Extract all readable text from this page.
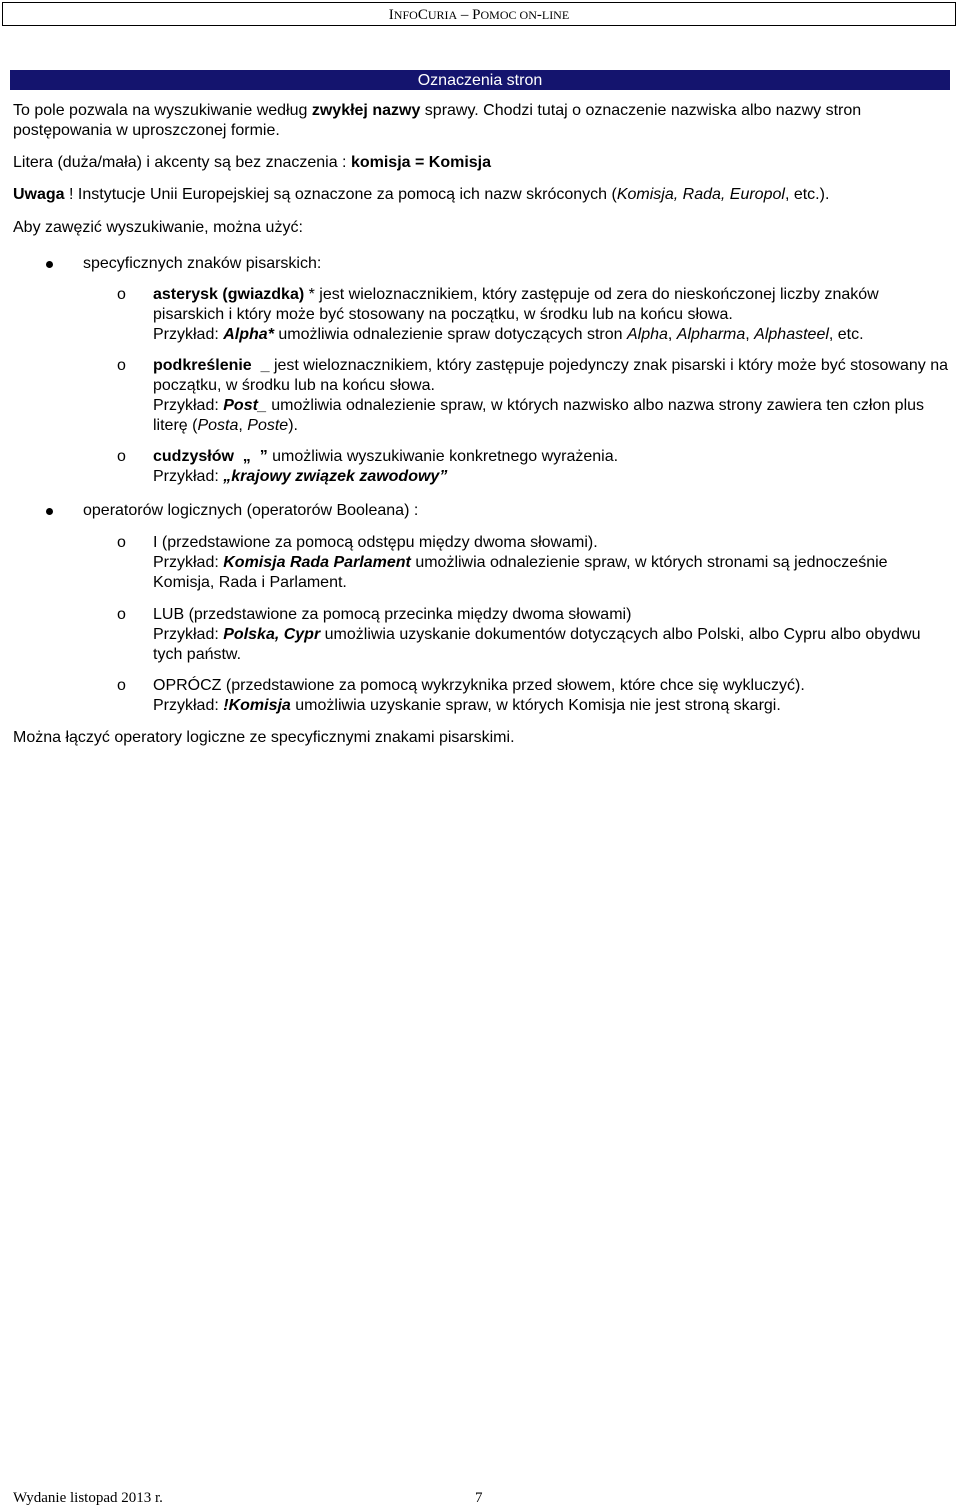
INFOCURIA – POMOC ON-LINE
Oznaczenia stron

To pole pozwala na wyszukiwanie według zwykłej nazwy sprawy. Chodzi tutaj o oznaczenie nazwiska albo nazwy stron postępowania w uproszczonej formie.

Litera (duża/mała) i akcenty są bez znaczenia : komisja = Komisja

Uwaga ! Instytucje Unii Europejskiej są oznaczone za pomocą ich nazw skróconych (Komisja, Rada, Europol, etc.).

Aby zawęzić wyszukiwanie, można użyć:

specyficznych znaków pisarskich:
o asterysk (gwiazdka) * jest wieloznacznikiem, który zastępuje od zera do nieskończonej liczby znaków pisarskich i który może być stosowany na początku, w środku lub na końcu słowa.
Przykład: Alpha* umożliwia odnalezienie spraw dotyczących stron Alpha, Alpharma, Alphasteel, etc.
o podkreślenie  _ jest wieloznacznikiem, który zastępuje pojedynczy znak pisarski i który może być stosowany na początku, w środku lub na końcu słowa.
Przykład: Post_ umożliwia odnalezienie spraw, w których nazwisko albo nazwa strony zawiera ten człon plus literę (Posta, Poste).
o cudzysłów  „  ” umożliwia wyszukiwanie konkretnego wyrażenia.
Przykład: „krajowy związek zawodowy”
operatorów logicznych (operatorów Booleana) :
o I (przedstawione za pomocą odstępu między dwoma słowami).
Przykład: Komisja Rada Parlament umożliwia odnalezienie spraw, w których stronami są jednocześnie Komisja, Rada i Parlament.
o LUB (przedstawione za pomocą przecinka między dwoma słowami)
Przykład: Polska, Cypr umożliwia uzyskanie dokumentów dotyczących albo Polski, albo Cypru albo obydwu tych państw.
o OPRÓCZ (przedstawione za pomocą wykrzyknika przed słowem, które chce się wykluczyć).
Przykład: !Komisja umożliwia uzyskanie spraw, w których Komisja nie jest stroną skargi.

Można łączyć operatory logiczne ze specyficznymi znakami pisarskimi.

Wydanie listopad 2013 r.	7
